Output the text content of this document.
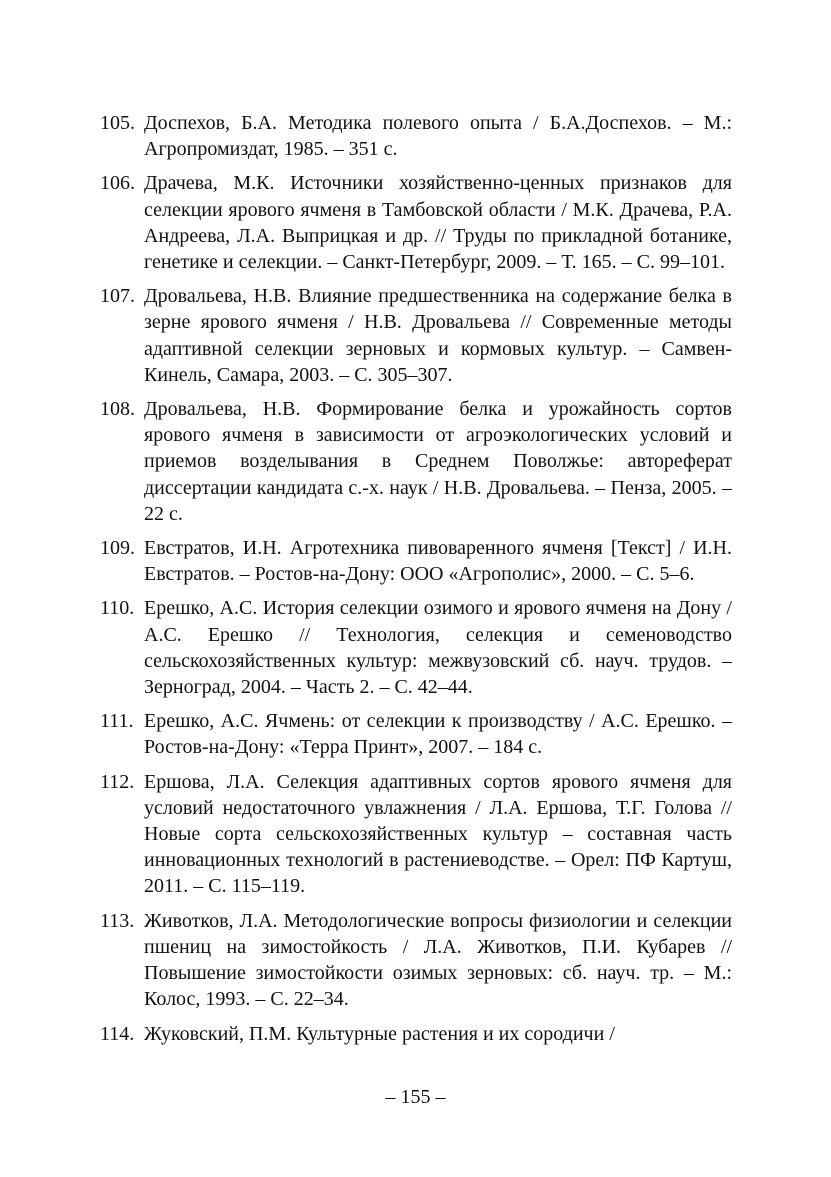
105. Доспехов, Б.А. Методика полевого опыта / Б.А.Доспехов. – М.: Агропромиздат, 1985. – 351 с.
106. Драчева, М.К. Источники хозяйственно-ценных признаков для селекции ярового ячменя в Тамбовской области / М.К. Драчева, Р.А. Андреева, Л.А. Выприцкая и др. // Труды по прикладной ботанике, генетике и селекции. – Санкт-Петербург, 2009. – Т. 165. – С. 99–101.
107. Дровальева, Н.В. Влияние предшественника на содержание белка в зерне ярового ячменя / Н.В. Дровальева // Современные методы адаптивной селекции зерновых и кормовых культур. – Самвен-Кинель, Самара, 2003. – С. 305–307.
108. Дровальева, Н.В. Формирование белка и урожайность сортов ярового ячменя в зависимости от агроэкологических условий и приемов возделывания в Среднем Поволжье: автореферат диссертации кандидата с.-х. наук / Н.В. Дровальева. – Пенза, 2005. – 22 с.
109. Евстратов, И.Н. Агротехника пивоваренного ячменя [Текст] / И.Н. Евстратов. – Ростов-на-Дону: ООО «Агрополис», 2000. – С. 5–6.
110. Ерешко, А.С. История селекции озимого и ярового ячменя на Дону / А.С. Ерешко // Технология, селекция и семеноводство сельскохозяйственных культур: межвузовский сб. науч. трудов. – Зерноград, 2004. – Часть 2. – С. 42–44.
111. Ерешко, А.С. Ячмень: от селекции к производству / А.С. Ерешко. – Ростов-на-Дону: «Терра Принт», 2007. – 184 с.
112. Ершова, Л.А. Селекция адаптивных сортов ярового ячменя для условий недостаточного увлажнения / Л.А. Ершова, Т.Г. Голова // Новые сорта сельскохозяйственных культур – составная часть инновационных технологий в растениеводстве. – Орел: ПФ Картуш, 2011. – С. 115–119.
113. Животков, Л.А. Методологические вопросы физиологии и селекции пшениц на зимостойкость / Л.А. Животков, П.И. Кубарев // Повышение зимостойкости озимых зерновых: сб. науч. тр. – М.: Колос, 1993. – С. 22–34.
114. Жуковский, П.М. Культурные растения и их сородичи /
– 155 –
